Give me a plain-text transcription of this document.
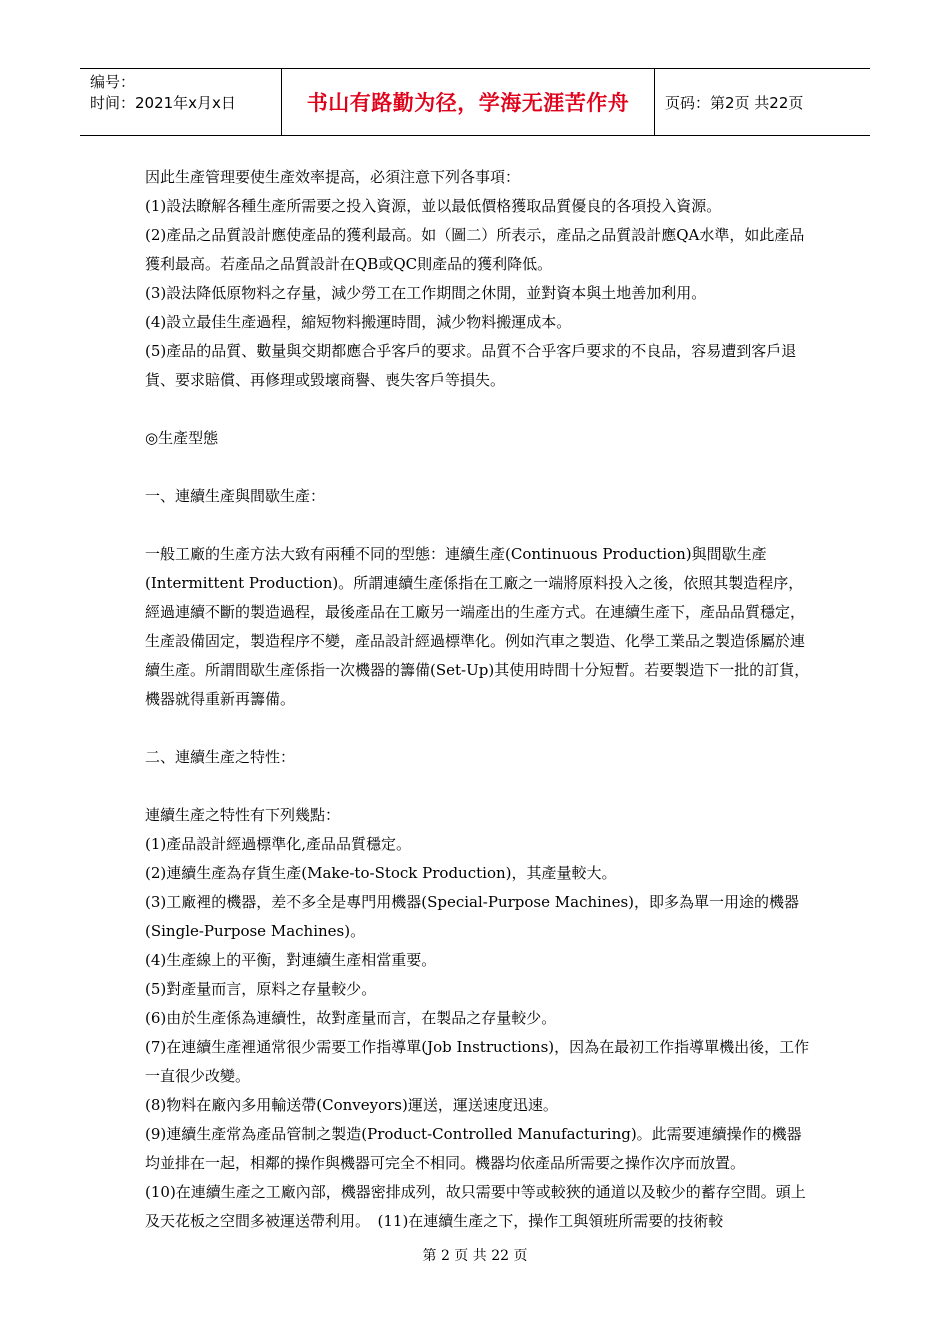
编号：
时间：2021年x月x日	书山有路勤为径，学海无涯苦作舟 页码：第2页 共22页

因此生產管理要使生產效率提高，必須注意下列各事項：

(1)設法瞭解各種生產所需要之投入資源，並以最低價格獲取品質優良的各項投入資源。

(2)產品之品質設計應使產品的獲利最高。如（圖二）所表示，產品之品質設計應QA水準，如此產品獲利最高。若產品之品質設計在QB或QC則產品的獲利降低。

(3)設法降低原物料之存量，減少勞工在工作期間之休閒，並對資本與土地善加利用。

(4)設立最佳生產過程，縮短物料搬運時間，減少物料搬運成本。

(5)產品的品質、數量與交期都應合乎客戶的要求。品質不合乎客戶要求的不良品，容易遭到客戶退貨、要求賠償、再修理或毀壞商譽、喪失客戶等損失。

◎生產型態

一、連續生產與間歇生產：

一般工廠的生產方法大致有兩種不同的型態：連續生產(Continuous Production)與間歇生產(Intermittent Production)。所謂連續生產係指在工廠之一端將原料投入之後，依照其製造程序，經過連續不斷的製造過程，最後產品在工廠另一端產出的生產方式。在連續生產下，產品品質穩定，生產設備固定，製造程序不變，產品設計經過標準化。例如汽車之製造、化學工業品之製造係屬於連續生產。所謂間歇生產係指一次機器的籌備(Set-Up)其使用時間十分短暫。若要製造下一批的訂貨，機器就得重新再籌備。

二、連續生產之特性：

連續生產之特性有下列幾點：

(1)產品設計經過標準化,產品品質穩定。

(2)連續生產為存貨生產(Make-to-Stock Production)，其產量較大。

(3)工廠裡的機器，差不多全是專門用機器(Special-Purpose Machines)，即多為單一用途的機器(Single-Purpose Machines)。

(4)生產線上的平衡，對連續生產相當重要。

(5)對產量而言，原料之存量較少。

(6)由於生產係為連續性，故對產量而言，在製品之存量較少。

(7)在連續生產裡通常很少需要工作指導單(Job Instructions)，因為在最初工作指導單機出後，工作一直很少改變。

(8)物料在廠內多用輸送帶(Conveyors)運送，運送速度迅速。

(9)連續生產常為產品管制之製造(Product-Controlled Manufacturing)。此需要連續操作的機器均並排在一起，相鄰的操作與機器可完全不相同。機器均依產品所需要之操作次序而放置。

(10)在連續生產之工廠內部，機器密排成列，故只需要中等或較狹的通道以及較少的蓄存空間。頭上及天花板之空間多被運送帶利用。　(11)在連續生產之下，操作工與領班所需要的技術較

第 2 页 共 22 页
